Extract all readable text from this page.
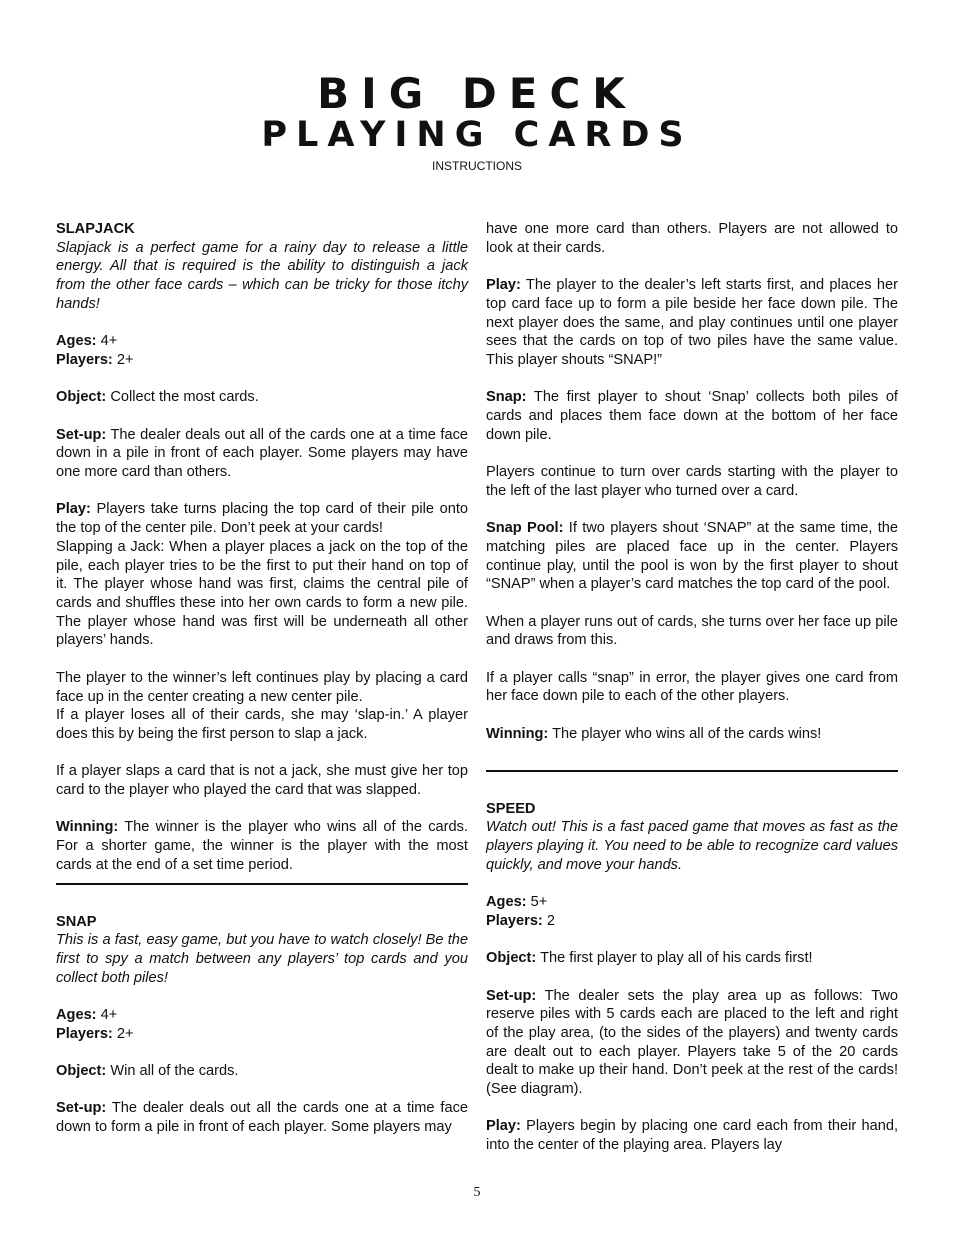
BIG DECK
PLAYING CARDS
INSTRUCTIONS

SLAPJACK

Slapjack is a perfect game for a rainy day to release a little energy. All that is required is the ability to distinguish a jack from the other face cards – which can be tricky for those itchy hands!

Ages: 4+

Players: 2+

Object: Collect the most cards.

Set-up: The dealer deals out all of the cards one at a time face down in a pile in front of each player. Some players may have one more card than others.

Play: Players take turns placing the top card of their pile onto the top of the center pile. Don’t peek at your cards!

Slapping a Jack: When a player places a jack on the top of the pile, each player tries to be the first to put their hand on top of it. The player whose hand was first, claims the central pile of cards and shuffles these into her own cards to form a new pile. The player whose hand was first will be underneath all other players’ hands.

The player to the winner’s left continues play by placing a card face up in the center creating a new center pile.

If a player loses all of their cards, she may ‘slap-in.’ A player does this by being the first person to slap a jack.

If a player slaps a card that is not a jack, she must give her top card to the player who played the card that was slapped.

Winning: The winner is the player who wins all of the cards. For a shorter game, the winner is the player with the most cards at the end of a set time period.

SNAP

This is a fast, easy game, but you have to watch closely! Be the first to spy a match between any players’ top cards and you collect both piles!

Ages: 4+

Players: 2+

Object: Win all of the cards.

Set-up: The dealer deals out all the cards one at a time face down to form a pile in front of each player. Some players may

have one more card than others. Players are not allowed to look at their cards.

Play: The player to the dealer’s left starts first, and places her top card face up to form a pile beside her face down pile. The next player does the same, and play continues until one player sees that the cards on top of two piles have the same value. This player shouts “SNAP!”

Snap: The first player to shout ‘Snap’ collects both piles of cards and places them face down at the bottom of her face down pile.

Players continue to turn over cards starting with the player to the left of the last player who turned over a card.

Snap Pool: If two players shout ‘SNAP” at the same time, the matching piles are placed face up in the center. Players continue play, until the pool is won by the first player to shout “SNAP” when a player’s card matches the top card of the pool.

When a player runs out of cards, she turns over her face up pile and draws from this.

If a player calls “snap” in error, the player gives one card from her face down pile to each of the other players.

Winning: The player who wins all of the cards wins!

SPEED

Watch out! This is a fast paced game that moves as fast as the players playing it. You need to be able to recognize card values quickly, and move your hands.

Ages: 5+

Players: 2

Object: The first player to play all of his cards first!

Set-up: The dealer sets the play area up as follows: Two reserve piles with 5 cards each are placed to the left and right of the play area, (to the sides of the players) and twenty cards are dealt out to each player. Players take 5 of the 20 cards dealt to make up their hand. Don’t peek at the rest of the cards! (See diagram).

Play: Players begin by placing one card each from their hand, into the center of the playing area. Players lay

5
